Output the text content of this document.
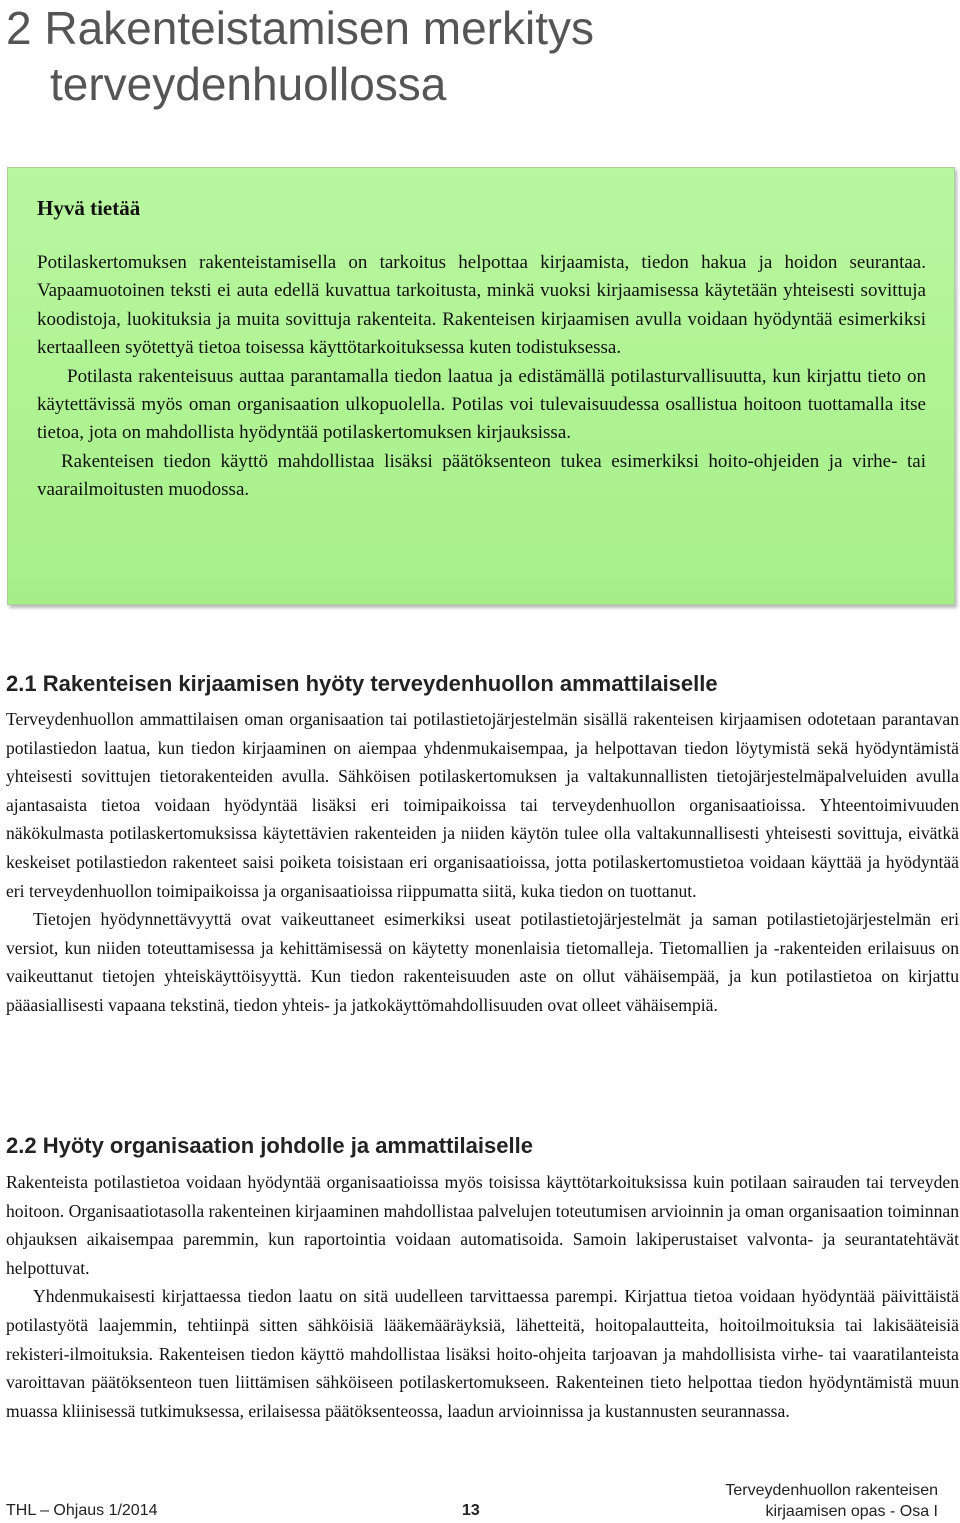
2 Rakenteistamisen merkitys
terveydenhuollossa
Hyvä tietää

Potilaskertomuksen rakenteistamisella on tarkoitus helpottaa kirjaamista, tiedon hakua ja hoidon seurantaa. Vapaamuotoinen teksti ei auta edellä kuvattua tarkoitusta, minkä vuoksi kirjaamisessa käytetään yhteisesti sovittuja koodistoja, luokituksia ja muita sovittuja rakenteita. Rakenteisen kirjaamisen avulla voidaan hyödyntää esimerkiksi kertaalleen syötettyä tietoa toisessa käyttötarkoituksessa kuten todistuksessa.

Potilasta rakenteisuus auttaa parantamalla tiedon laatua ja edistämällä potilasturvallisuutta, kun kirjattu tieto on käytettävissä myös oman organisaation ulkopuolella. Potilas voi tulevaisuudessa osallistua hoitoon tuottamalla itse tietoa, jota on mahdollista hyödyntää potilaskertomuksen kirjauksissa.

Rakenteisen tiedon käyttö mahdollistaa lisäksi päätöksenteon tukea esimerkiksi hoito-ohjeiden ja virhe- tai vaarailmoitusten muodossa.

2.1 Rakenteisen kirjaamisen hyöty terveydenhuollon ammattilaiselle

Terveydenhuollon ammattilaisen oman organisaation tai potilastietojärjestelmän sisällä rakenteisen kirjaamisen odotetaan parantavan potilastiedon laatua, kun tiedon kirjaaminen on aiempaa yhdenmukaisempaa, ja helpottavan tiedon löytymistä sekä hyödyntämistä yhteisesti sovittujen tietorakenteiden avulla. Sähköisen potilaskertomuksen ja valtakunnallisten tietojärjestelmäpalveluiden avulla ajantasaista tietoa voidaan hyödyntää lisäksi eri toimipaikoissa tai terveydenhuollon organisaatioissa. Yhteentoimivuuden näkökulmasta potilaskertomuksissa käytettävien rakenteiden ja niiden käytön tulee olla valtakunnallisesti yhteisesti sovittuja, eivätkä keskeiset potilastiedon rakenteet saisi poiketa toisistaan eri organisaatioissa, jotta potilaskertomustietoa voidaan käyttää ja hyödyntää eri terveydenhuollon toimipaikoissa ja organisaatioissa riippumatta siitä, kuka tiedon on tuottanut.

Tietojen hyödynnettävyyttä ovat vaikeuttaneet esimerkiksi useat potilastietojärjestelmät ja saman potilastietojärjestelmän eri versiot, kun niiden toteuttamisessa ja kehittämisessä on käytetty monenlaisia tietomalleja. Tietomallien ja -rakenteiden erilaisuus on vaikeuttanut tietojen yhteiskäyttöisyyttä. Kun tiedon rakenteisuuden aste on ollut vähäisempää, ja kun potilastietoa on kirjattu pääasiallisesti vapaana tekstinä, tiedon yhteis- ja jatkokäyttömahdollisuuden ovat olleet vähäisempiä.

2.2 Hyöty organisaation johdolle ja ammattilaiselle

Rakenteista potilastietoa voidaan hyödyntää organisaatioissa myös toisissa käyttötarkoituksissa kuin potilaan sairauden tai terveyden hoitoon. Organisaatiotasolla rakenteinen kirjaaminen mahdollistaa palvelujen toteutumisen arvioinnin ja oman organisaation toiminnan ohjauksen aikaisempaa paremmin, kun raportointia voidaan automatisoida. Samoin lakiperustaiset valvonta- ja seurantatehtävät helpottuvat.

Yhdenmukaisesti kirjattaessa tiedon laatu on sitä uudelleen tarvittaessa parempi. Kirjattua tietoa voidaan hyödyntää päivittäistä potilastyötä laajemmin, tehtiinpä sitten sähköisiä lääkemääräyksiä, lähetteitä, hoitopalautteita, hoitoilmoituksia tai lakisääteisiä rekisteri-ilmoituksia. Rakenteisen tiedon käyttö mahdollistaa lisäksi hoito-ohjeita tarjoavan ja mahdollisista virhe- tai vaaratilanteista varoittavan päätöksenteon tuen liittämisen sähköiseen potilaskertomukseen. Rakenteinen tieto helpottaa tiedon hyödyntämistä muun muassa kliinisessä tutkimuksessa, erilaisessa päätöksenteossa, laadun arvioinnissa ja kustannusten seurannassa.

THL – Ohjaus 1/2014	13
Terveydenhuollon rakenteisen
kirjaamisen opas - Osa I
